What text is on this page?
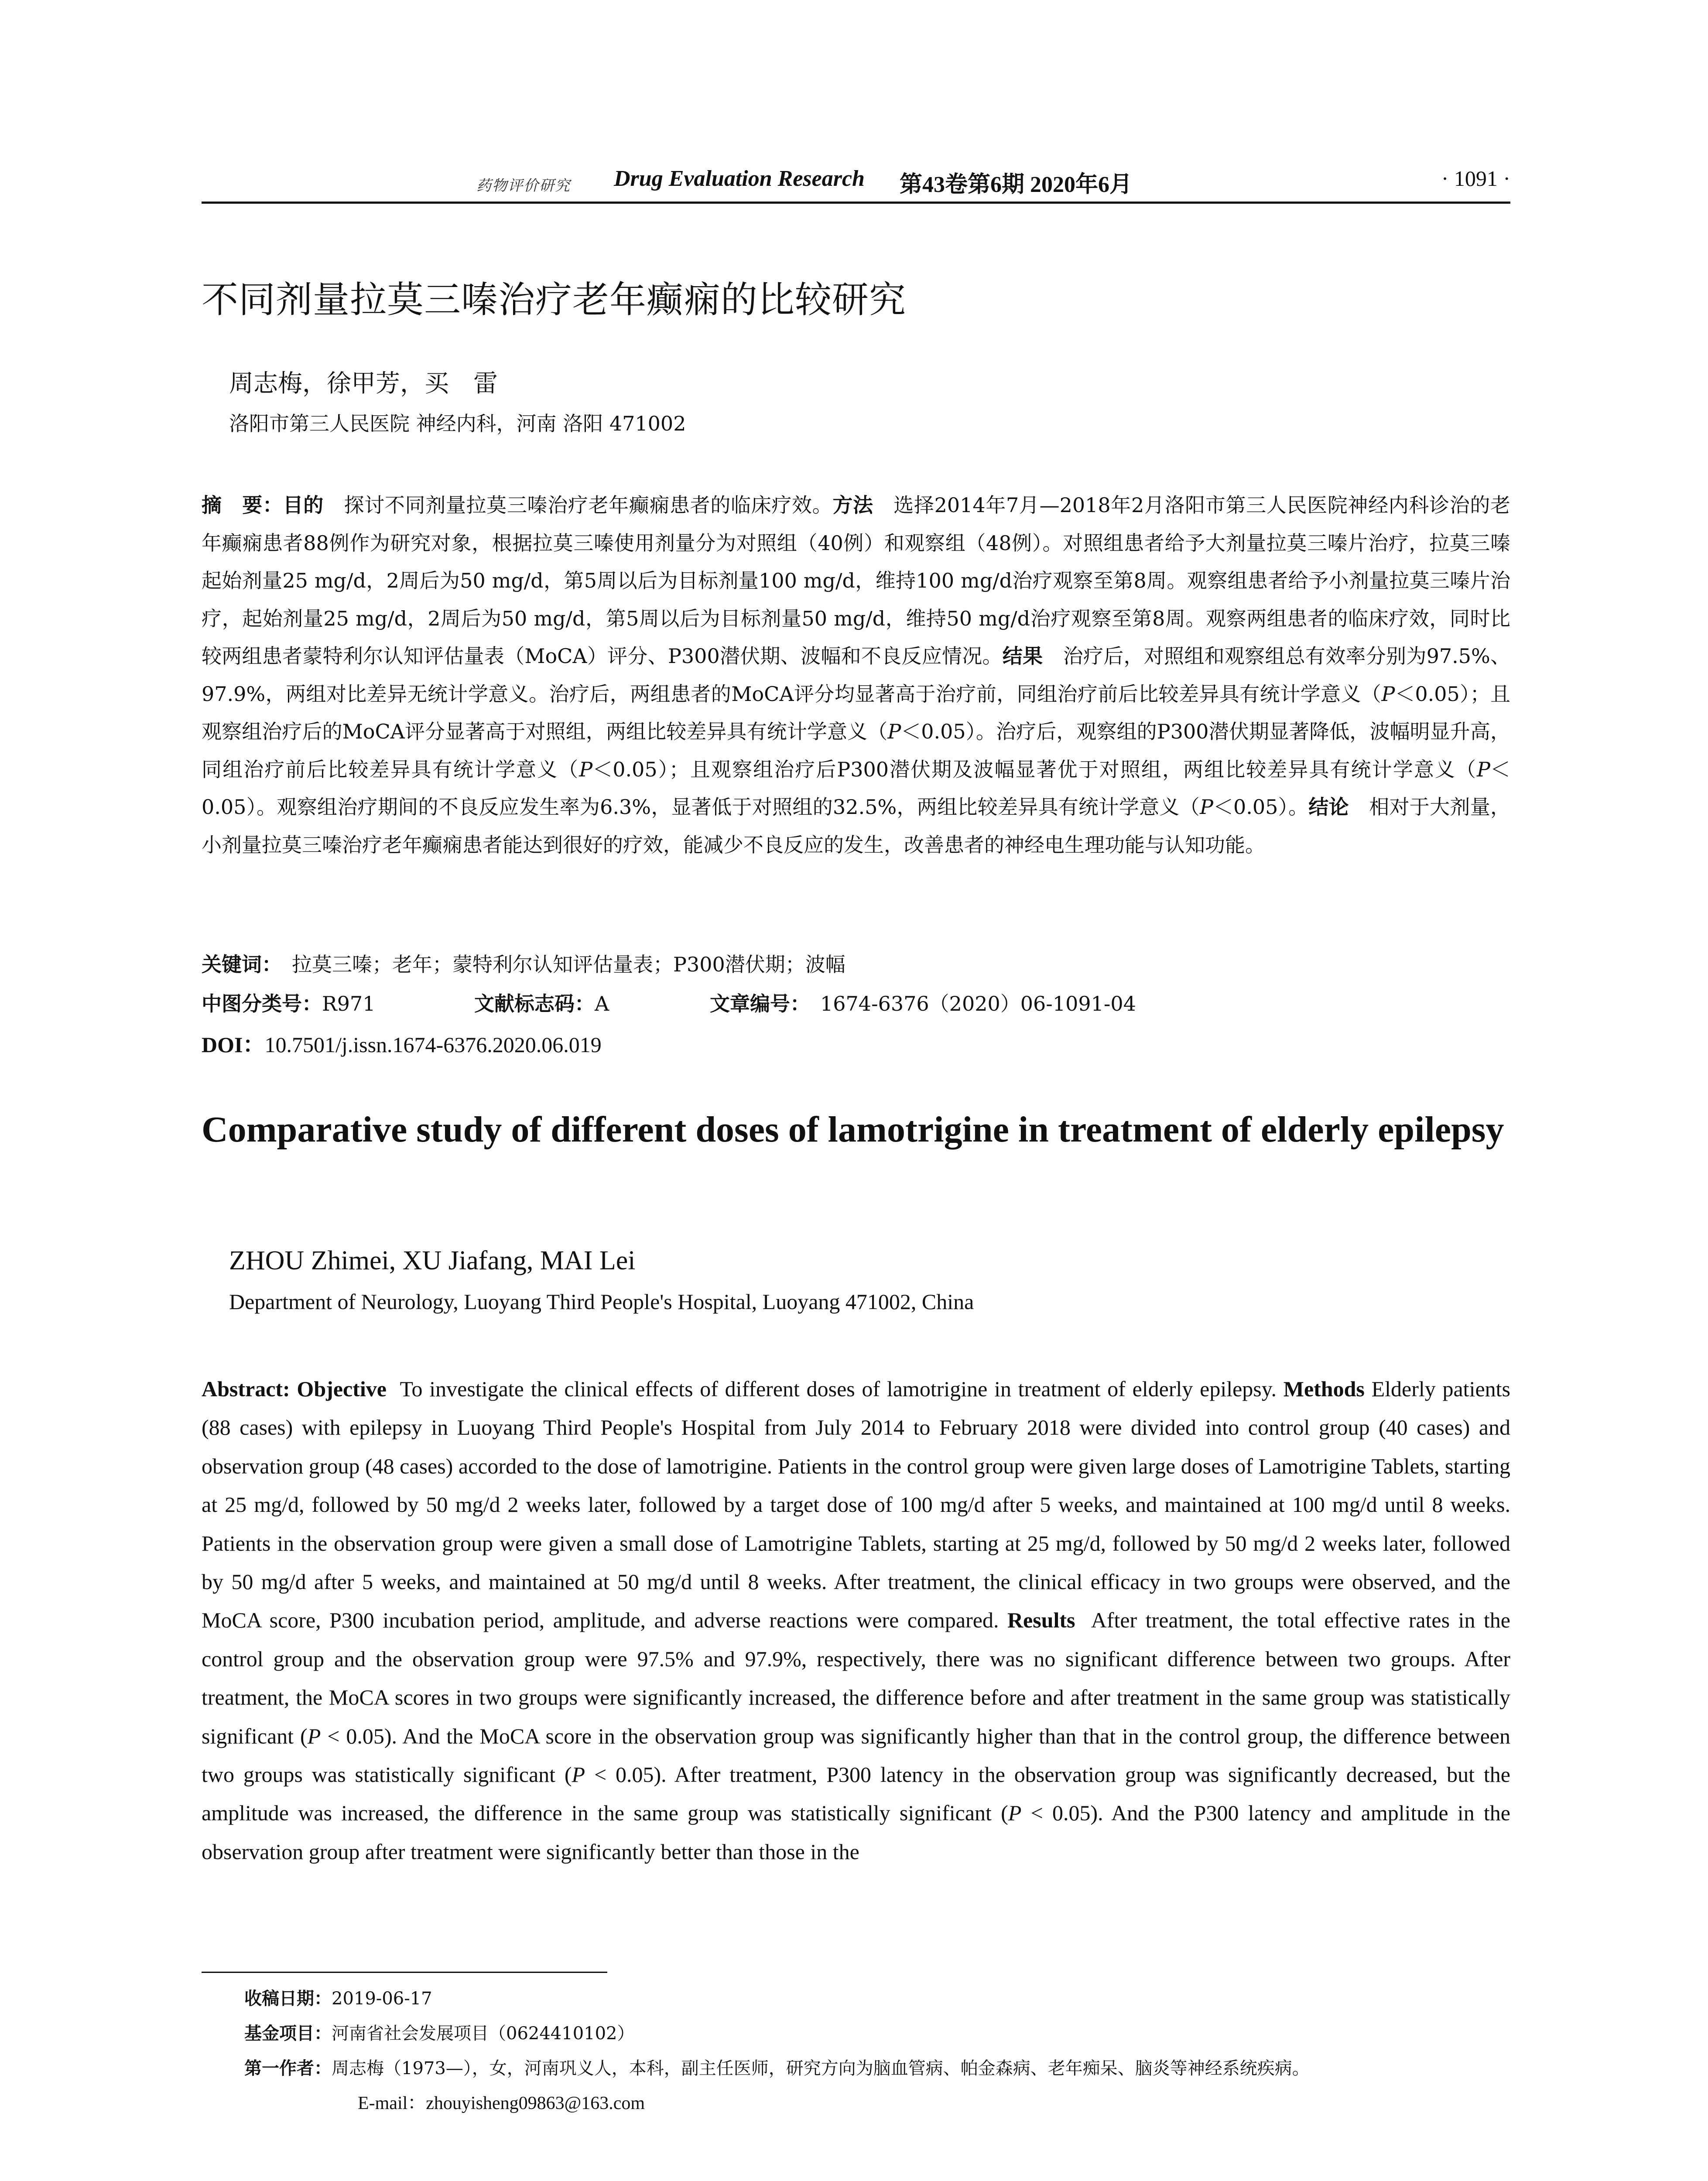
药物评价研究 Drug Evaluation Research 第43卷第6期 2020年6月	· 1091 ·
不同剂量拉莫三嗪治疗老年癫痫的比较研究
周志梅，徐甲芳，买　雷
洛阳市第三人民医院 神经内科，河南 洛阳 471002
摘　要：目的　 探讨不同剂量拉莫三嗪治疗老年癫痫患者的临床疗效。方法　 选择2014年7月—2018年2月洛阳市第三人民医院神经内科诊治的老年癫痫患者88例作为研究对象，根据拉莫三嗪使用剂量分为对照组（40例）和观察组（48例）。对照组患者给予大剂量拉莫三嗪片治疗，拉莫三嗪起始剂量25 mg/d，2周后为50 mg/d，第5周以后为目标剂量100 mg/d，维持100 mg/d治疗观察至第8周。观察组患者给予小剂量拉莫三嗪片治疗，起始剂量25 mg/d，2周后为50 mg/d，第5周以后为目标剂量50 mg/d，维持50 mg/d治疗观察至第8周。观察两组患者的临床疗效，同时比较两组患者蒙特利尔认知评估量表（MoCA）评分、P300潜伏期、波幅和不良反应情况。结果　 治疗后，对照组和观察组总有效率分别为97.5%、97.9%，两组对比差异无统计学意义。治疗后，两组患者的MoCA评分均显著高于治疗前，同组治疗前后比较差异具有统计学意义（P＜0.05）；且观察组治疗后的MoCA评分显著高于对照组，两组比较差异具有统计学意义（P＜0.05）。治疗后，观察组的P300潜伏期显著降低，波幅明显升高，同组治疗前后比较差异具有统计学意义（P＜0.05）；且观察组治疗后P300潜伏期及波幅显著优于对照组，两组比较差异具有统计学意义（P＜0.05）。观察组治疗期间的不良反应发生率为6.3%，显著低于对照组的32.5%，两组比较差异具有统计学意义（P＜0.05）。结论　 相对于大剂量，小剂量拉莫三嗪治疗老年癫痫患者能达到很好的疗效，能减少不良反应的发生，改善患者的神经电生理功能与认知功能。
关键词：　 拉莫三嗪；老年；蒙特利尔认知评估量表；P300潜伏期；波幅
中图分类号：R971	文献标志码：A	文章编号：　 1674-6376（2020）06-1091-04
DOI：10.7501/j.issn.1674-6376.2020.06.019
Comparative study of different doses of lamotrigine in treatment of elderly epilepsy
ZHOU Zhimei, XU Jiafang, MAI Lei
Department of Neurology, Luoyang Third People's Hospital, Luoyang 471002, China
Abstract: Objective To investigate the clinical effects of different doses of lamotrigine in treatment of elderly epilepsy. Methods Elderly patients (88 cases) with epilepsy in Luoyang Third People's Hospital from July 2014 to February 2018 were divided into control group (40 cases) and observation group (48 cases) accorded to the dose of lamotrigine. Patients in the control group were given large doses of Lamotrigine Tablets, starting at 25 mg/d, followed by 50 mg/d 2 weeks later, followed by a target dose of 100 mg/d after 5 weeks, and maintained at 100 mg/d until 8 weeks. Patients in the observation group were given a small dose of Lamotrigine Tablets, starting at 25 mg/d, followed by 50 mg/d 2 weeks later, followed by 50 mg/d after 5 weeks, and maintained at 50 mg/d until 8 weeks. After treatment, the clinical efficacy in two groups were observed, and the MoCA score, P300 incubation period, amplitude, and adverse reactions were compared. Results After treatment, the total effective rates in the control group and the observation group were 97.5% and 97.9%, respectively, there was no significant difference between two groups. After treatment, the MoCA scores in two groups were significantly increased, the difference before and after treatment in the same group was statistically significant (P < 0.05). And the MoCA score in the observation group was significantly higher than that in the control group, the difference between two groups was statistically significant (P < 0.05). After treatment, P300 latency in the observation group was significantly decreased, but the amplitude was increased, the difference in the same group was statistically significant (P < 0.05). And the P300 latency and amplitude in the observation group after treatment were significantly better than those in the
收稿日期：2019-06-17
基金项目：河南省社会发展项目（0624410102）
第一作者：周志梅（1973—），女，河南巩义人，本科，副主任医师，研究方向为脑血管病、帕金森病、老年痴呆、脑炎等神经系统疾病。
E-mail：zhouyisheng09863@163.com
